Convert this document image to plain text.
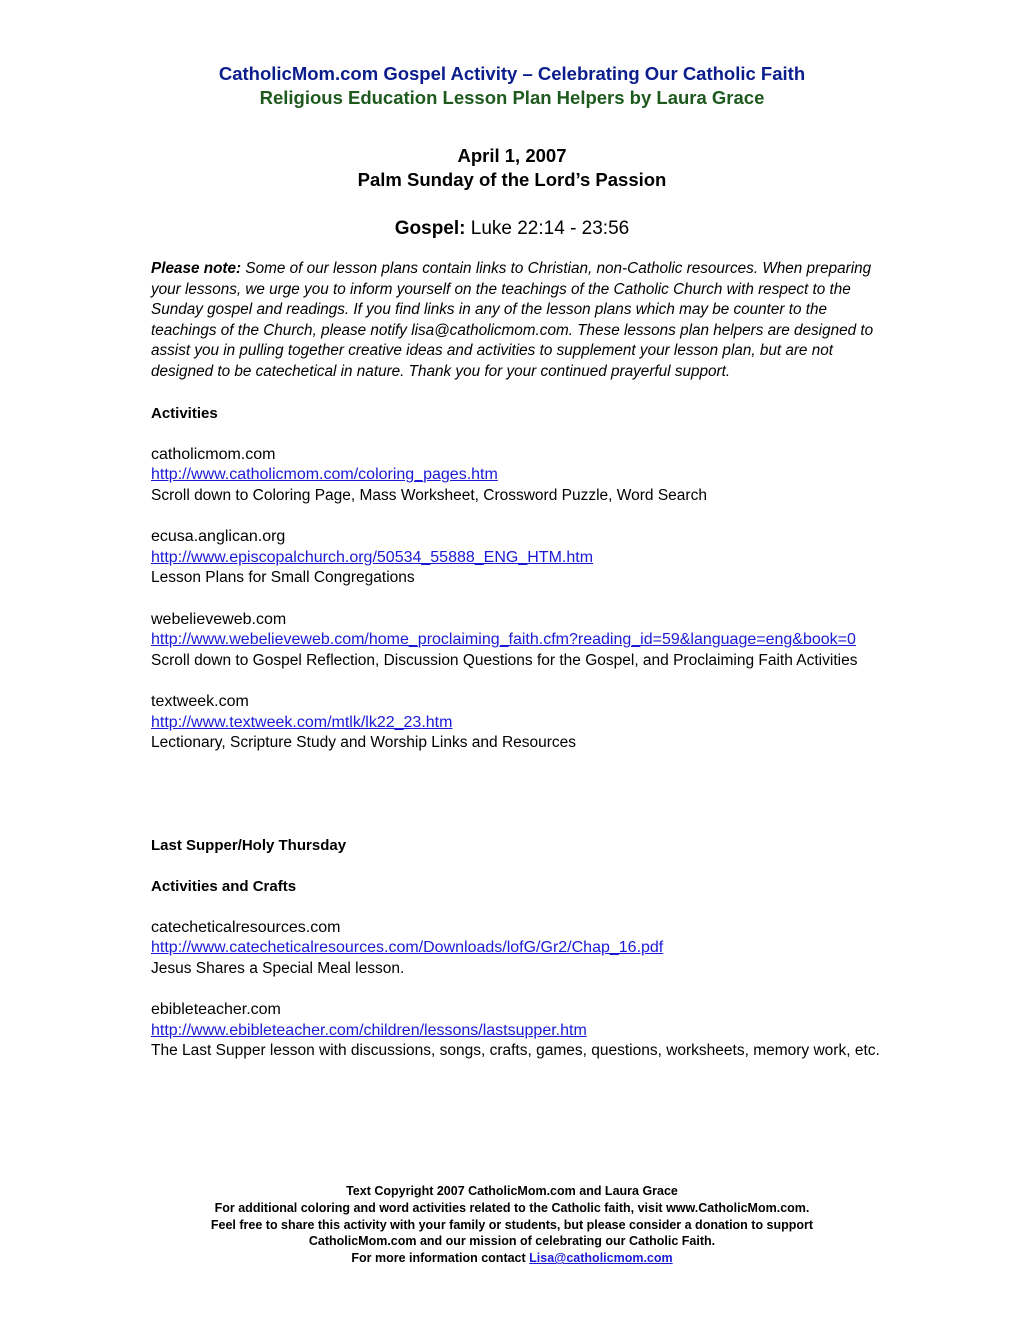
CatholicMom.com Gospel Activity – Celebrating Our Catholic Faith
Religious Education Lesson Plan Helpers by Laura Grace
April 1, 2007
Palm Sunday of the Lord’s Passion
Gospel: Luke 22:14 - 23:56

Please note: Some of our lesson plans contain links to Christian, non-Catholic resources. When preparing your lessons, we urge you to inform yourself on the teachings of the Catholic Church with respect to the Sunday gospel and readings. If you find links in any of the lesson plans which may be counter to the teachings of the Church, please notify lisa@catholicmom.com. These lessons plan helpers are designed to assist you in pulling together creative ideas and activities to supplement your lesson plan, but are not designed to be catechetical in nature. Thank you for your continued prayerful support.

Activities

catholicmom.com
http://www.catholicmom.com/coloring_pages.htm
Scroll down to Coloring Page, Mass Worksheet, Crossword Puzzle, Word Search
ecusa.anglican.org
http://www.episcopalchurch.org/50534_55888_ENG_HTM.htm
Lesson Plans for Small Congregations
webelieveweb.com
http://www.webelieveweb.com/home_proclaiming_faith.cfm?reading_id=59&language=eng&book=0
Scroll down to Gospel Reflection, Discussion Questions for the Gospel, and Proclaiming Faith Activities
textweek.com
http://www.textweek.com/mtlk/lk22_23.htm
Lectionary, Scripture Study and Worship Links and Resources

Last Supper/Holy Thursday

Activities and Crafts

catecheticalresources.com
http://www.catecheticalresources.com/Downloads/lofG/Gr2/Chap_16.pdf
Jesus Shares a Special Meal lesson.
ebibleteacher.com
http://www.ebibleteacher.com/children/lessons/lastsupper.htm
The Last Supper lesson with discussions, songs, crafts, games, questions, worksheets, memory work, etc.
Text Copyright 2007 CatholicMom.com and Laura Grace
For additional coloring and word activities related to the Catholic faith, visit www.CatholicMom.com.
Feel free to share this activity with your family or students, but please consider a donation to support
CatholicMom.com and our mission of celebrating our Catholic Faith.
For more information contact Lisa@catholicmom.com
